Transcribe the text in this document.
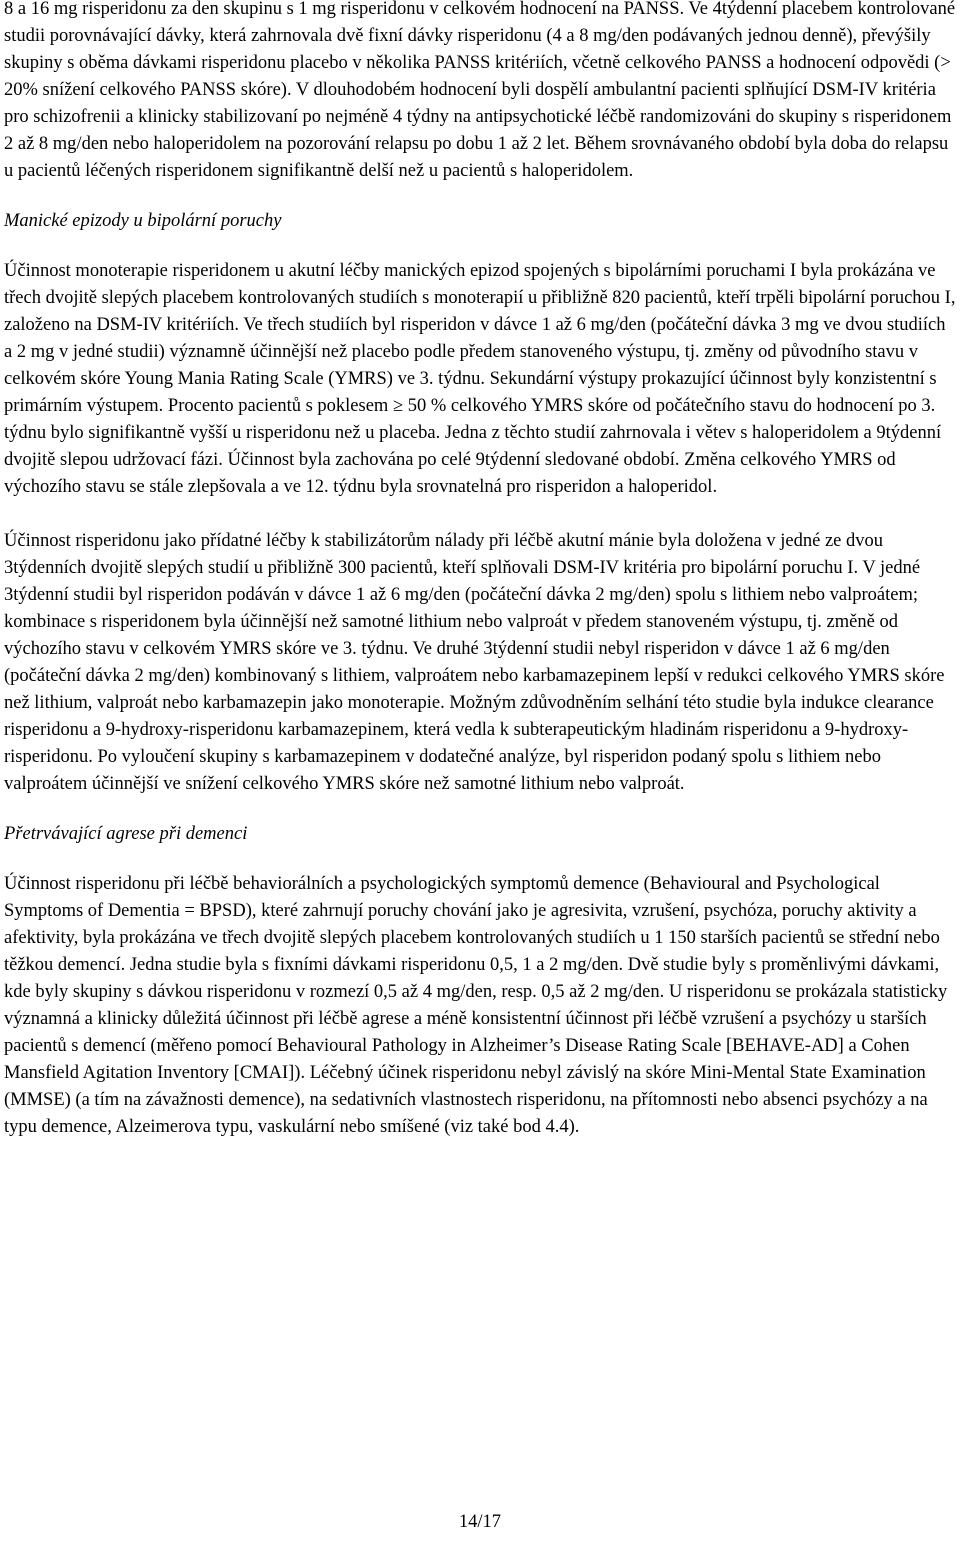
8 a 16 mg risperidonu za den skupinu s 1 mg risperidonu v celkovém hodnocení na PANSS. Ve 4týdenní placebem kontrolované studii porovnávající dávky, která zahrnovala dvě fixní dávky risperidonu (4 a 8 mg/den podávaných jednou denně), převýšily skupiny s oběma dávkami risperidonu placebo v několika PANSS kritériích, včetně celkového PANSS a hodnocení odpovědi (> 20% snížení celkového PANSS skóre). V dlouhodobém hodnocení byli dospělí ambulantní pacienti splňující DSM-IV kritéria pro schizofrenii a klinicky stabilizovaní po nejméně 4 týdny na antipsychotické léčbě randomizováni do skupiny s risperidonem 2 až 8 mg/den nebo haloperidolem na pozorování relapsu po dobu 1 až 2 let. Během srovnávaného období byla doba do relapsu u pacientů léčených risperidonem signifikantně delší než u pacientů s haloperidolem.

Manické epizody u bipolární poruchy

Účinnost monoterapie risperidonem u akutní léčby manických epizod spojených s bipolárními poruchami I byla prokázána ve třech dvojitě slepých placebem kontrolovaných studiích s monoterapií u přibližně 820 pacientů, kteří trpěli bipolární poruchou I, založeno na DSM-IV kritériích. Ve třech studiích byl risperidon v dávce 1 až 6 mg/den (počáteční dávka 3 mg ve dvou studiích a 2 mg v jedné studii) významně účinnější než placebo podle předem stanoveného výstupu, tj. změny od původního stavu v celkovém skóre Young Mania Rating Scale (YMRS) ve 3. týdnu. Sekundární výstupy prokazující účinnost byly konzistentní s primárním výstupem. Procento pacientů s poklesem ≥ 50 % celkového YMRS skóre od počátečního stavu do hodnocení po 3. týdnu bylo signifikantně vyšší u risperidonu než u placeba. Jedna z těchto studií zahrnovala i větev s haloperidolem a 9týdenní dvojitě slepou udržovací fázi. Účinnost byla zachována po celé 9týdenní sledované období. Změna celkového YMRS od výchozího stavu se stále zlepšovala a ve 12. týdnu byla srovnatelná pro risperidon a haloperidol.

Účinnost risperidonu jako přídatné léčby k stabilizátorům nálady při léčbě akutní mánie byla doložena v jedné ze dvou 3týdenních dvojitě slepých studií u přibližně 300 pacientů, kteří splňovali DSM-IV kritéria pro bipolární poruchu I. V jedné 3týdenní studii byl risperidon podáván v dávce 1 až 6 mg/den (počáteční dávka 2 mg/den) spolu s lithiem nebo valproátem; kombinace s risperidonem byla účinnější než samotné lithium nebo valproát v předem stanoveném výstupu, tj. změně od výchozího stavu v celkovém YMRS skóre ve 3. týdnu. Ve druhé 3týdenní studii nebyl risperidon v dávce 1 až 6 mg/den (počáteční dávka 2 mg/den) kombinovaný s lithiem, valproátem nebo karbamazepinem lepší v redukci celkového YMRS skóre než lithium, valproát nebo karbamazepin jako monoterapie. Možným zdůvodněním selhání této studie byla indukce clearance risperidonu a 9-hydroxy-risperidonu karbamazepinem, která vedla k subterapeutickým hladinám risperidonu a 9-hydroxy-risperidonu. Po vyloučení skupiny s karbamazepinem v dodatečné analýze, byl risperidon podaný spolu s lithiem nebo valproátem účinnější ve snížení celkového YMRS skóre než samotné lithium nebo valproát.

Přetrvávající agrese při demenci

Účinnost risperidonu při léčbě behaviorálních a psychologických symptomů demence (Behavioural and Psychological Symptoms of Dementia = BPSD), které zahrnují poruchy chování jako je agresivita, vzrušení, psychóza, poruchy aktivity a afektivity, byla prokázána ve třech dvojitě slepých placebem kontrolovaných studiích u 1 150 starších pacientů se střední nebo těžkou demencí. Jedna studie byla s fixními dávkami risperidonu 0,5, 1 a 2 mg/den. Dvě studie byly s proměnlivými dávkami, kde byly skupiny s dávkou risperidonu v rozmezí 0,5 až 4 mg/den, resp. 0,5 až 2 mg/den. U risperidonu se prokázala statisticky významná a klinicky důležitá účinnost při léčbě agrese a méně konsistentní účinnost při léčbě vzrušení a psychózy u starších pacientů s demencí (měřeno pomocí Behavioural Pathology in Alzheimer’s Disease Rating Scale [BEHAVE-AD] a Cohen Mansfield Agitation Inventory [CMAI]). Léčebný účinek risperidonu nebyl závislý na skóre Mini-Mental State Examination (MMSE) (a tím na závažnosti demence), na sedativních vlastnostech risperidonu, na přítomnosti nebo absenci psychózy a na typu demence, Alzeimerova typu, vaskulární nebo smíšené (viz také bod 4.4).

14/17
